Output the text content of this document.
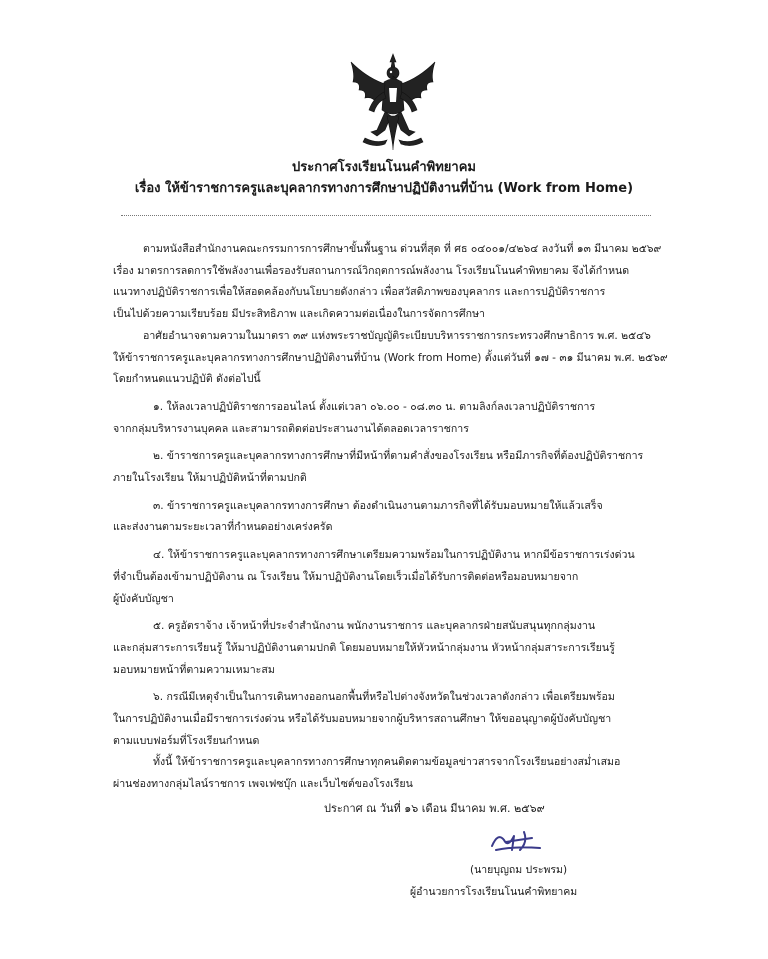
ประกาศโรงเรียนโนนคำพิทยาคม
เรื่อง ให้ข้าราชการครูและบุคลากรทางการศึกษาปฏิบัติงานที่บ้าน (Work from Home)

ตามหนังสือสำนักงานคณะกรรมการการศึกษาขั้นพื้นฐาน ด่วนที่สุด ที่ ศธ ๐๔๐๐๑/๔๒๖๔ ลงวันที่ ๑๓ มีนาคม ๒๕๖๙

เรื่อง มาตรการลดการใช้พลังงานเพื่อรองรับสถานการณ์วิกฤตการณ์พลังงาน โรงเรียนโนนคำพิทยาคม จึงได้กำหนด

แนวทางปฏิบัติราชการเพื่อให้สอดคล้องกับนโยบายดังกล่าว เพื่อสวัสดิภาพของบุคลากร และการปฏิบัติราชการ

เป็นไปด้วยความเรียบร้อย มีประสิทธิภาพ และเกิดความต่อเนื่องในการจัดการศึกษา

อาศัยอำนาจตามความในมาตรา ๓๙ แห่งพระราชบัญญัติระเบียบบริหารราชการกระทรวงศึกษาธิการ พ.ศ. ๒๕๔๖

ให้ข้าราชการครูและบุคลากรทางการศึกษาปฏิบัติงานที่บ้าน (Work from Home) ตั้งแต่วันที่ ๑๗ - ๓๑ มีนาคม พ.ศ. ๒๕๖๙

โดยกำหนดแนวปฏิบัติ ดังต่อไปนี้

๑. ให้ลงเวลาปฏิบัติราชการออนไลน์ ตั้งแต่เวลา ๐๖.๐๐ - ๐๘.๓๐ น. ตามลิงก์ลงเวลาปฏิบัติราชการ

จากกลุ่มบริหารงานบุคคล และสามารถติดต่อประสานงานได้ตลอดเวลาราชการ

๒. ข้าราชการครูและบุคลากรทางการศึกษาที่มีหน้าที่ตามคำสั่งของโรงเรียน หรือมีภารกิจที่ต้องปฏิบัติราชการ

ภายในโรงเรียน ให้มาปฏิบัติหน้าที่ตามปกติ

๓. ข้าราชการครูและบุคลากรทางการศึกษา ต้องดำเนินงานตามภารกิจที่ได้รับมอบหมายให้แล้วเสร็จ

และส่งงานตามระยะเวลาที่กำหนดอย่างเคร่งครัด

๔. ให้ข้าราชการครูและบุคลากรทางการศึกษาเตรียมความพร้อมในการปฏิบัติงาน หากมีข้อราชการเร่งด่วน

ที่จำเป็นต้องเข้ามาปฏิบัติงาน ณ โรงเรียน ให้มาปฏิบัติงานโดยเร็วเมื่อได้รับการติดต่อหรือมอบหมายจาก

ผู้บังคับบัญชา

๕. ครูอัตราจ้าง เจ้าหน้าที่ประจำสำนักงาน พนักงานราชการ และบุคลากรฝ่ายสนับสนุนทุกกลุ่มงาน

และกลุ่มสาระการเรียนรู้ ให้มาปฏิบัติงานตามปกติ โดยมอบหมายให้หัวหน้ากลุ่มงาน หัวหน้ากลุ่มสาระการเรียนรู้

มอบหมายหน้าที่ตามความเหมาะสม

๖. กรณีมีเหตุจำเป็นในการเดินทางออกนอกพื้นที่หรือไปต่างจังหวัดในช่วงเวลาดังกล่าว เพื่อเตรียมพร้อม

ในการปฏิบัติงานเมื่อมีราชการเร่งด่วน หรือได้รับมอบหมายจากผู้บริหารสถานศึกษา ให้ขออนุญาตผู้บังคับบัญชา

ตามแบบฟอร์มที่โรงเรียนกำหนด

ทั้งนี้ ให้ข้าราชการครูและบุคลากรทางการศึกษาทุกคนติดตามข้อมูลข่าวสารจากโรงเรียนอย่างสม่ำเสมอ

ผ่านช่องทางกลุ่มไลน์ราชการ เพจเฟซบุ๊ก และเว็บไซต์ของโรงเรียน

ประกาศ ณ วันที่ ๑๖ เดือน มีนาคม พ.ศ. ๒๕๖๙
(นายบุญถม ประพรม)
ผู้อำนวยการโรงเรียนโนนคำพิทยาคม
